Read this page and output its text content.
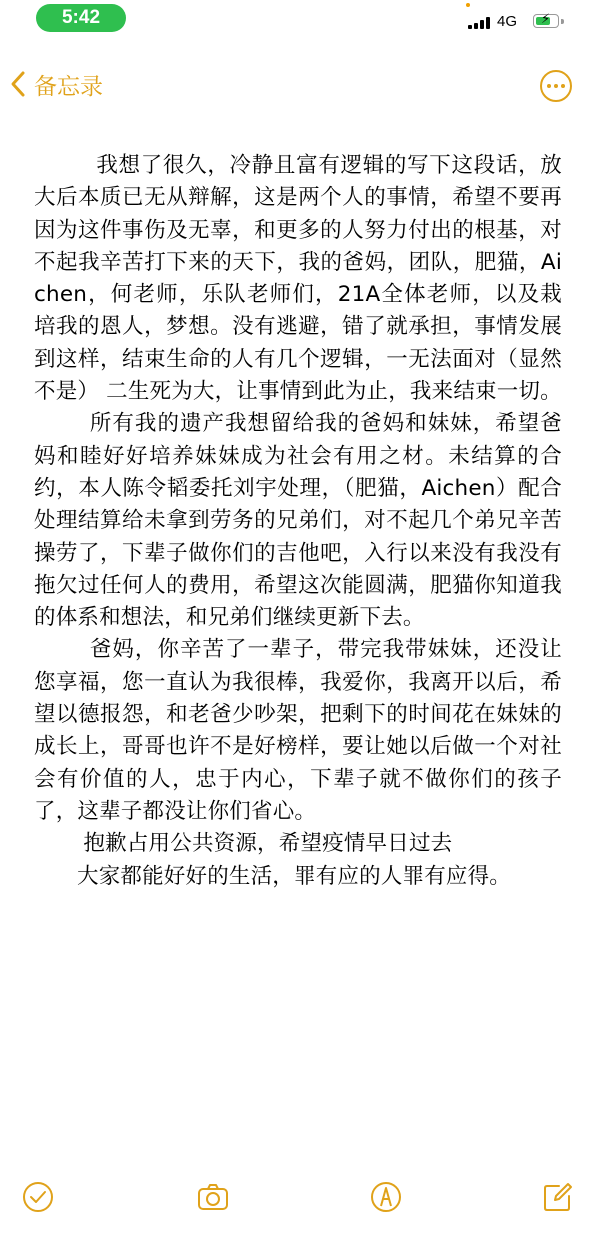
5:42	4G ⚡
备忘录

我想了很久，冷静且富有逻辑的写下这段话，放大后本质已无从辩解，这是两个人的事情，希望不要再因为这件事伤及无辜，和更多的人努力付出的根基，对不起我辛苦打下来的天下，我的爸妈，团队，肥猫，Aichen，何老师，乐队老师们，21A全体老师，以及栽培我的恩人，梦想。没有逃避，错了就承担，事情发展到这样，结束生命的人有几个逻辑，一无法面对（显然不是） 二生死为大，让事情到此为止，我来结束一切。

所有我的遗产我想留给我的爸妈和妹妹，希望爸妈和睦好好培养妹妹成为社会有用之材。未结算的合约，本人陈令韬委托刘宇处理，（肥猫，Aichen）配合处理结算给未拿到劳务的兄弟们，对不起几个弟兄辛苦操劳了，下辈子做你们的吉他吧，入行以来没有我没有拖欠过任何人的费用，希望这次能圆满，肥猫你知道我的体系和想法，和兄弟们继续更新下去。

爸妈，你辛苦了一辈子，带完我带妹妹，还没让您享福，您一直认为我很棒，我爱你，我离开以后，希望以德报怨，和老爸少吵架，把剩下的时间花在妹妹的成长上，哥哥也许不是好榜样，要让她以后做一个对社会有价值的人，忠于内心，下辈子就不做你们的孩子了，这辈子都没让你们省心。

抱歉占用公共资源，希望疫情早日过去

大家都能好好的生活，罪有应的人罪有应得。
